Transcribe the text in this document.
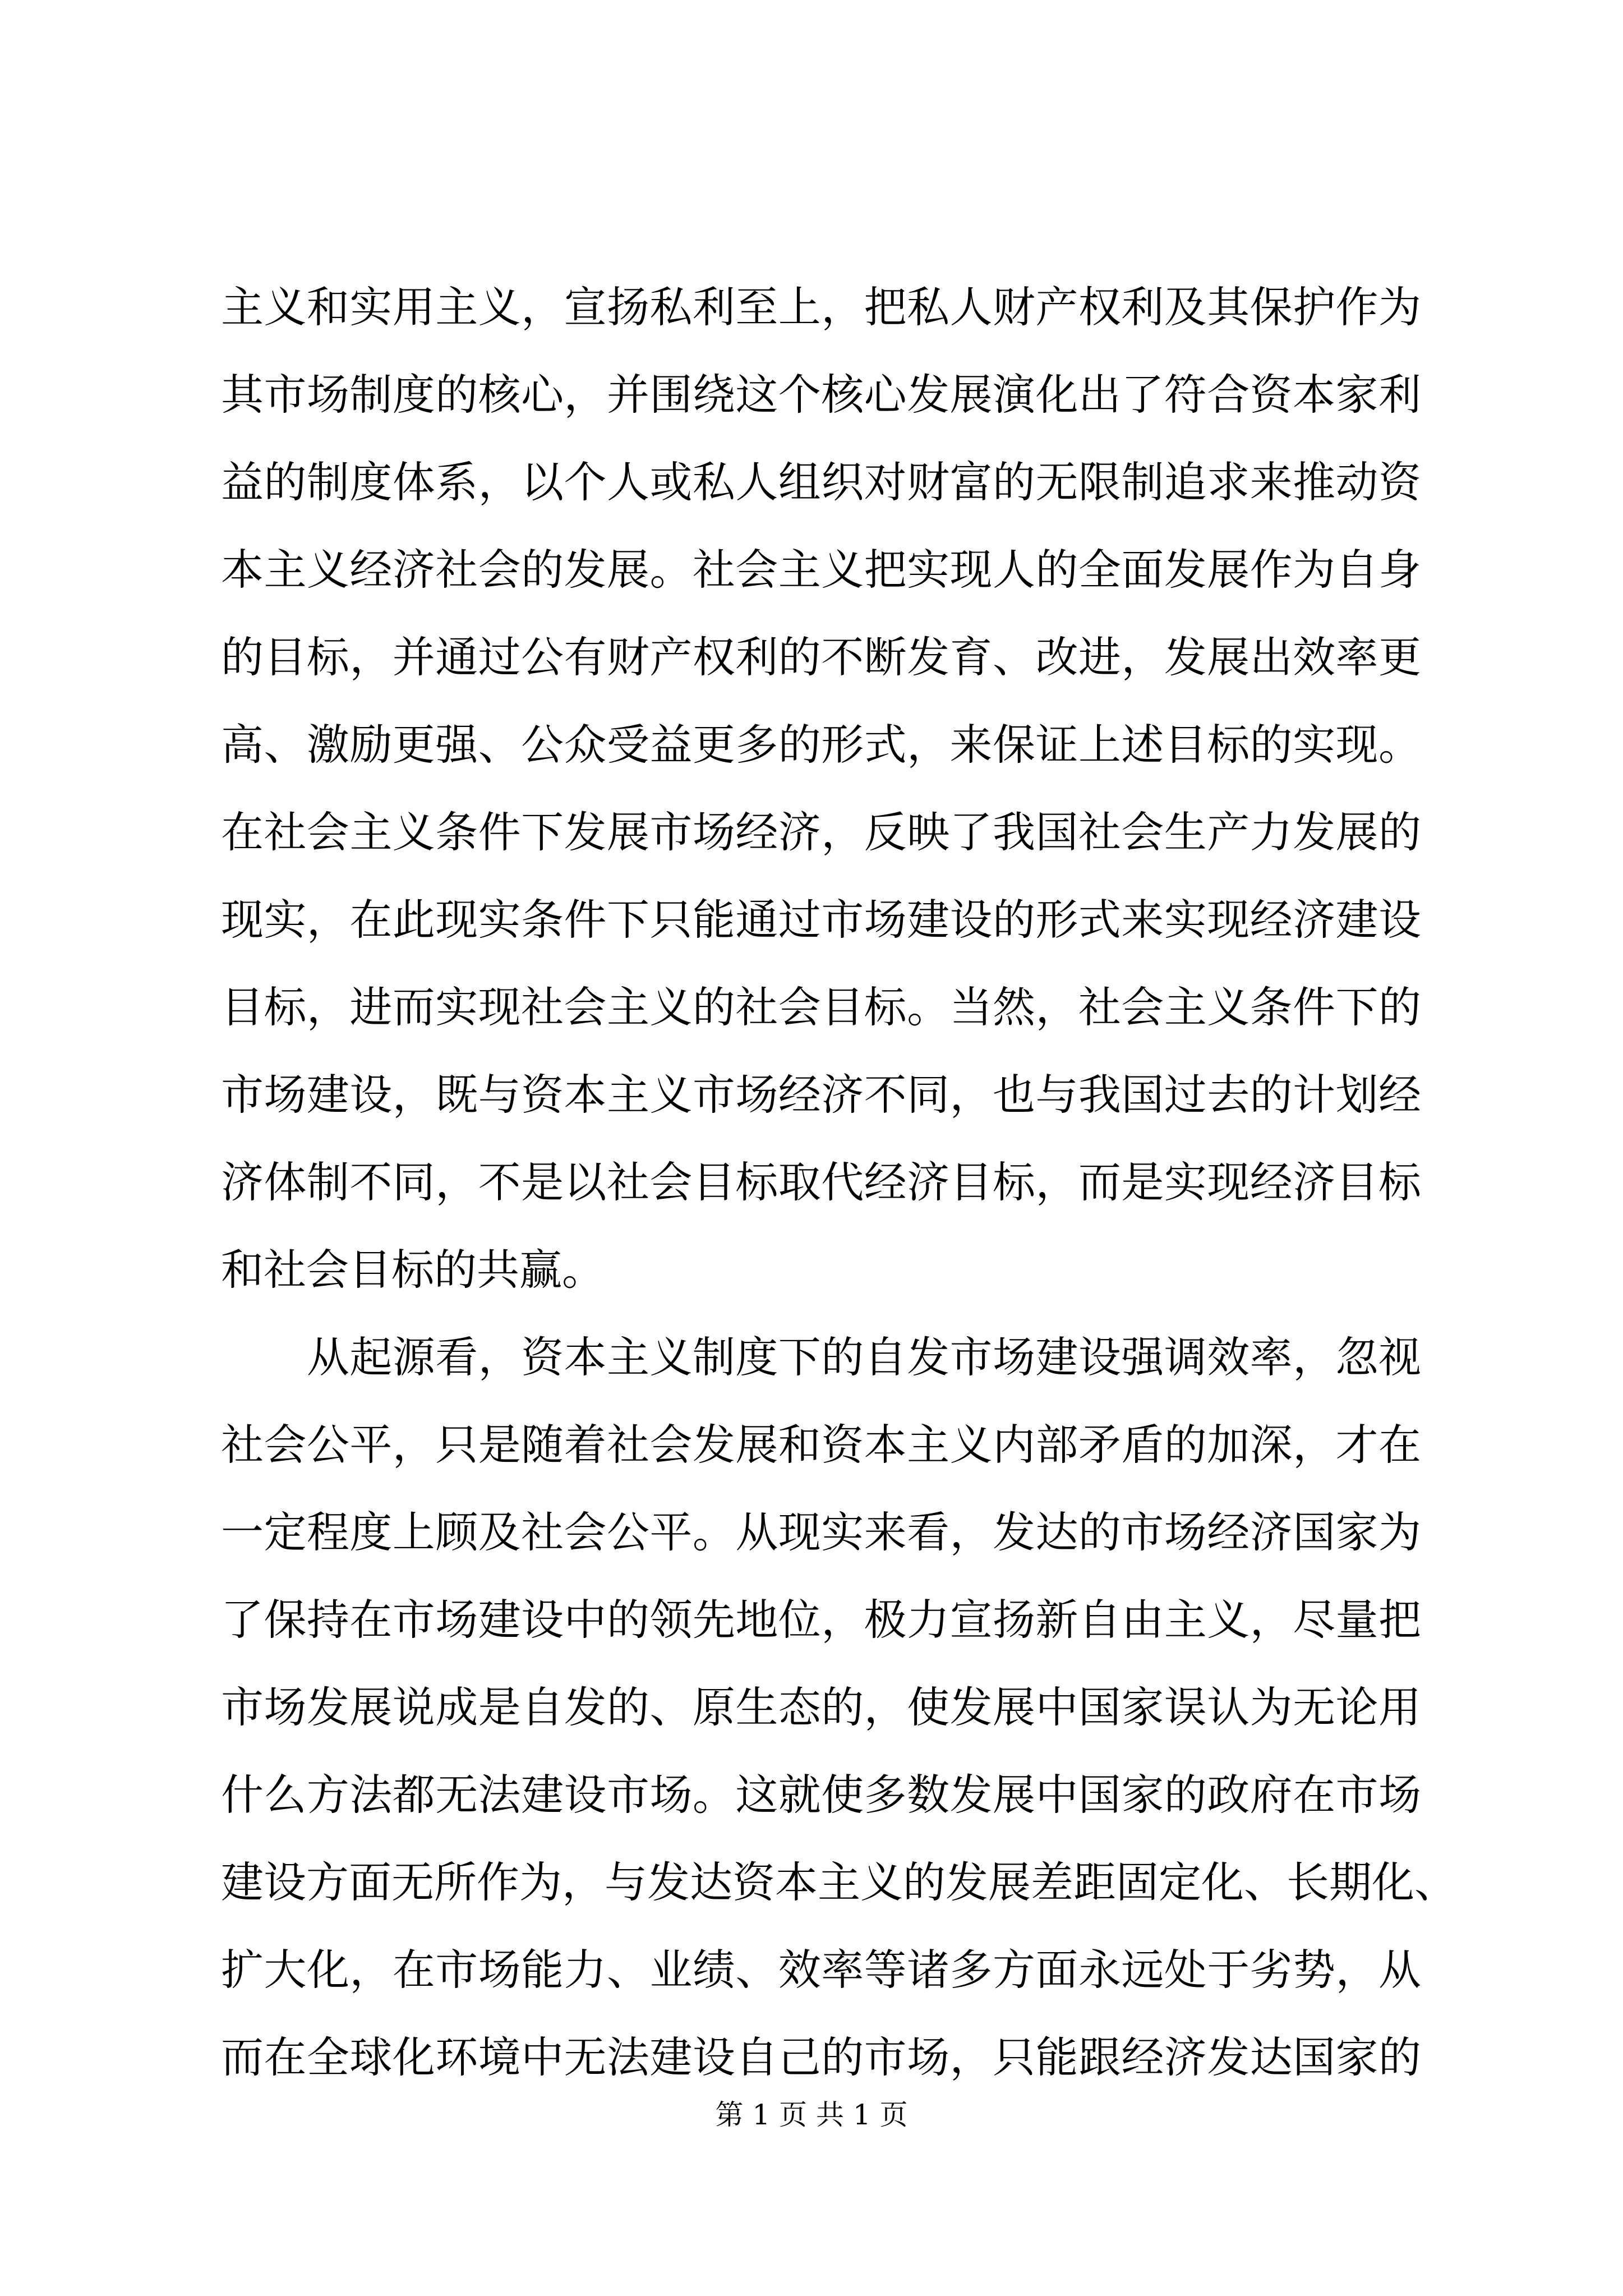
主义和实用主义，宣扬私利至上，把私人财产权利及其保护作为
其市场制度的核心，并围绕这个核心发展演化出了符合资本家利
益的制度体系，以个人或私人组织对财富的无限制追求来推动资
本主义经济社会的发展。社会主义把实现人的全面发展作为自身
的目标，并通过公有财产权利的不断发育、改进，发展出效率更
高、激励更强、公众受益更多的形式，来保证上述目标的实现。
在社会主义条件下发展市场经济，反映了我国社会生产力发展的
现实，在此现实条件下只能通过市场建设的形式来实现经济建设
目标，进而实现社会主义的社会目标。当然，社会主义条件下的
市场建设，既与资本主义市场经济不同，也与我国过去的计划经
济体制不同，不是以社会目标取代经济目标，而是实现经济目标
和社会目标的共赢。
　　从起源看，资本主义制度下的自发市场建设强调效率，忽视
社会公平，只是随着社会发展和资本主义内部矛盾的加深，才在
一定程度上顾及社会公平。从现实来看，发达的市场经济国家为
了保持在市场建设中的领先地位，极力宣扬新自由主义，尽量把
市场发展说成是自发的、原生态的，使发展中国家误认为无论用
什么方法都无法建设市场。这就使多数发展中国家的政府在市场
建设方面无所作为，与发达资本主义的发展差距固定化、长期化、
扩大化，在市场能力、业绩、效率等诸多方面永远处于劣势，从
而在全球化环境中无法建设自己的市场，只能跟经济发达国家的
第 1 页 共 1 页
